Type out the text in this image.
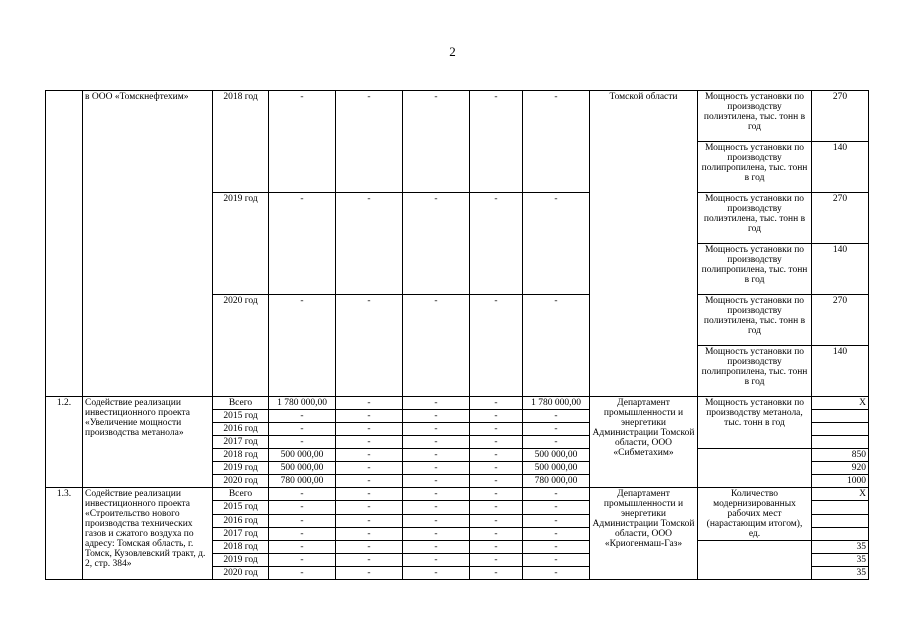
2
	в ООО «Томскнефтехим»	2018 год	-	-	-	-	-	Томской области	Мощность установки по производству полиэтилена, тыс. тонн в год	270
									Мощность установки по производству полипропилена, тыс. тонн в год	140
		2019 год	-	-	-	-	-		Мощность установки по производству полиэтилена, тыс. тонн в год	270
									Мощность установки по производству полипропилена, тыс. тонн в год	140
		2020 год	-	-	-	-	-		Мощность установки по производству полиэтилена, тыс. тонн в год	270
									Мощность установки по производству полипропилена, тыс. тонн в год	140
1.2.	Содействие реализации инвестиционного проекта «Увеличение мощности производства метанола»	Всего	1 780 000,00	-	-	-	1 780 000,00	Департамент промышленности и энергетики Администрации Томской области, ООО «Сибметахим»	Мощность установки по производству метанола, тыс. тонн в год	Х
		2015 год	-	-	-	-	-			
		2016 год	-	-	-	-	-			
		2017 год	-	-	-	-	-			
		2018 год	500 000,00	-	-	-	500 000,00			850
		2019 год	500 000,00	-	-	-	500 000,00			920
		2020 год	780 000,00	-	-	-	780 000,00			1000
1.3.	Содействие реализации инвестиционного проекта «Строительство нового производства технических газов и сжатого воздуха по адресу: Томская область, г. Томск, Кузовлевский тракт, д. 2, стр. 384»	Всего	-	-	-	-	-	Департамент промышленности и энергетики Администрации Томской области, ООО «Криогенмаш-Газ»	Количество модернизированных рабочих мест (нарастающим итогом), ед.	Х
		2015 год	-	-	-	-	-			
		2016 год	-	-	-	-	-			
		2017 год	-	-	-	-	-			
		2018 год	-	-	-	-	-			35
		2019 год	-	-	-	-	-			35
		2020 год	-	-	-	-	-			35
